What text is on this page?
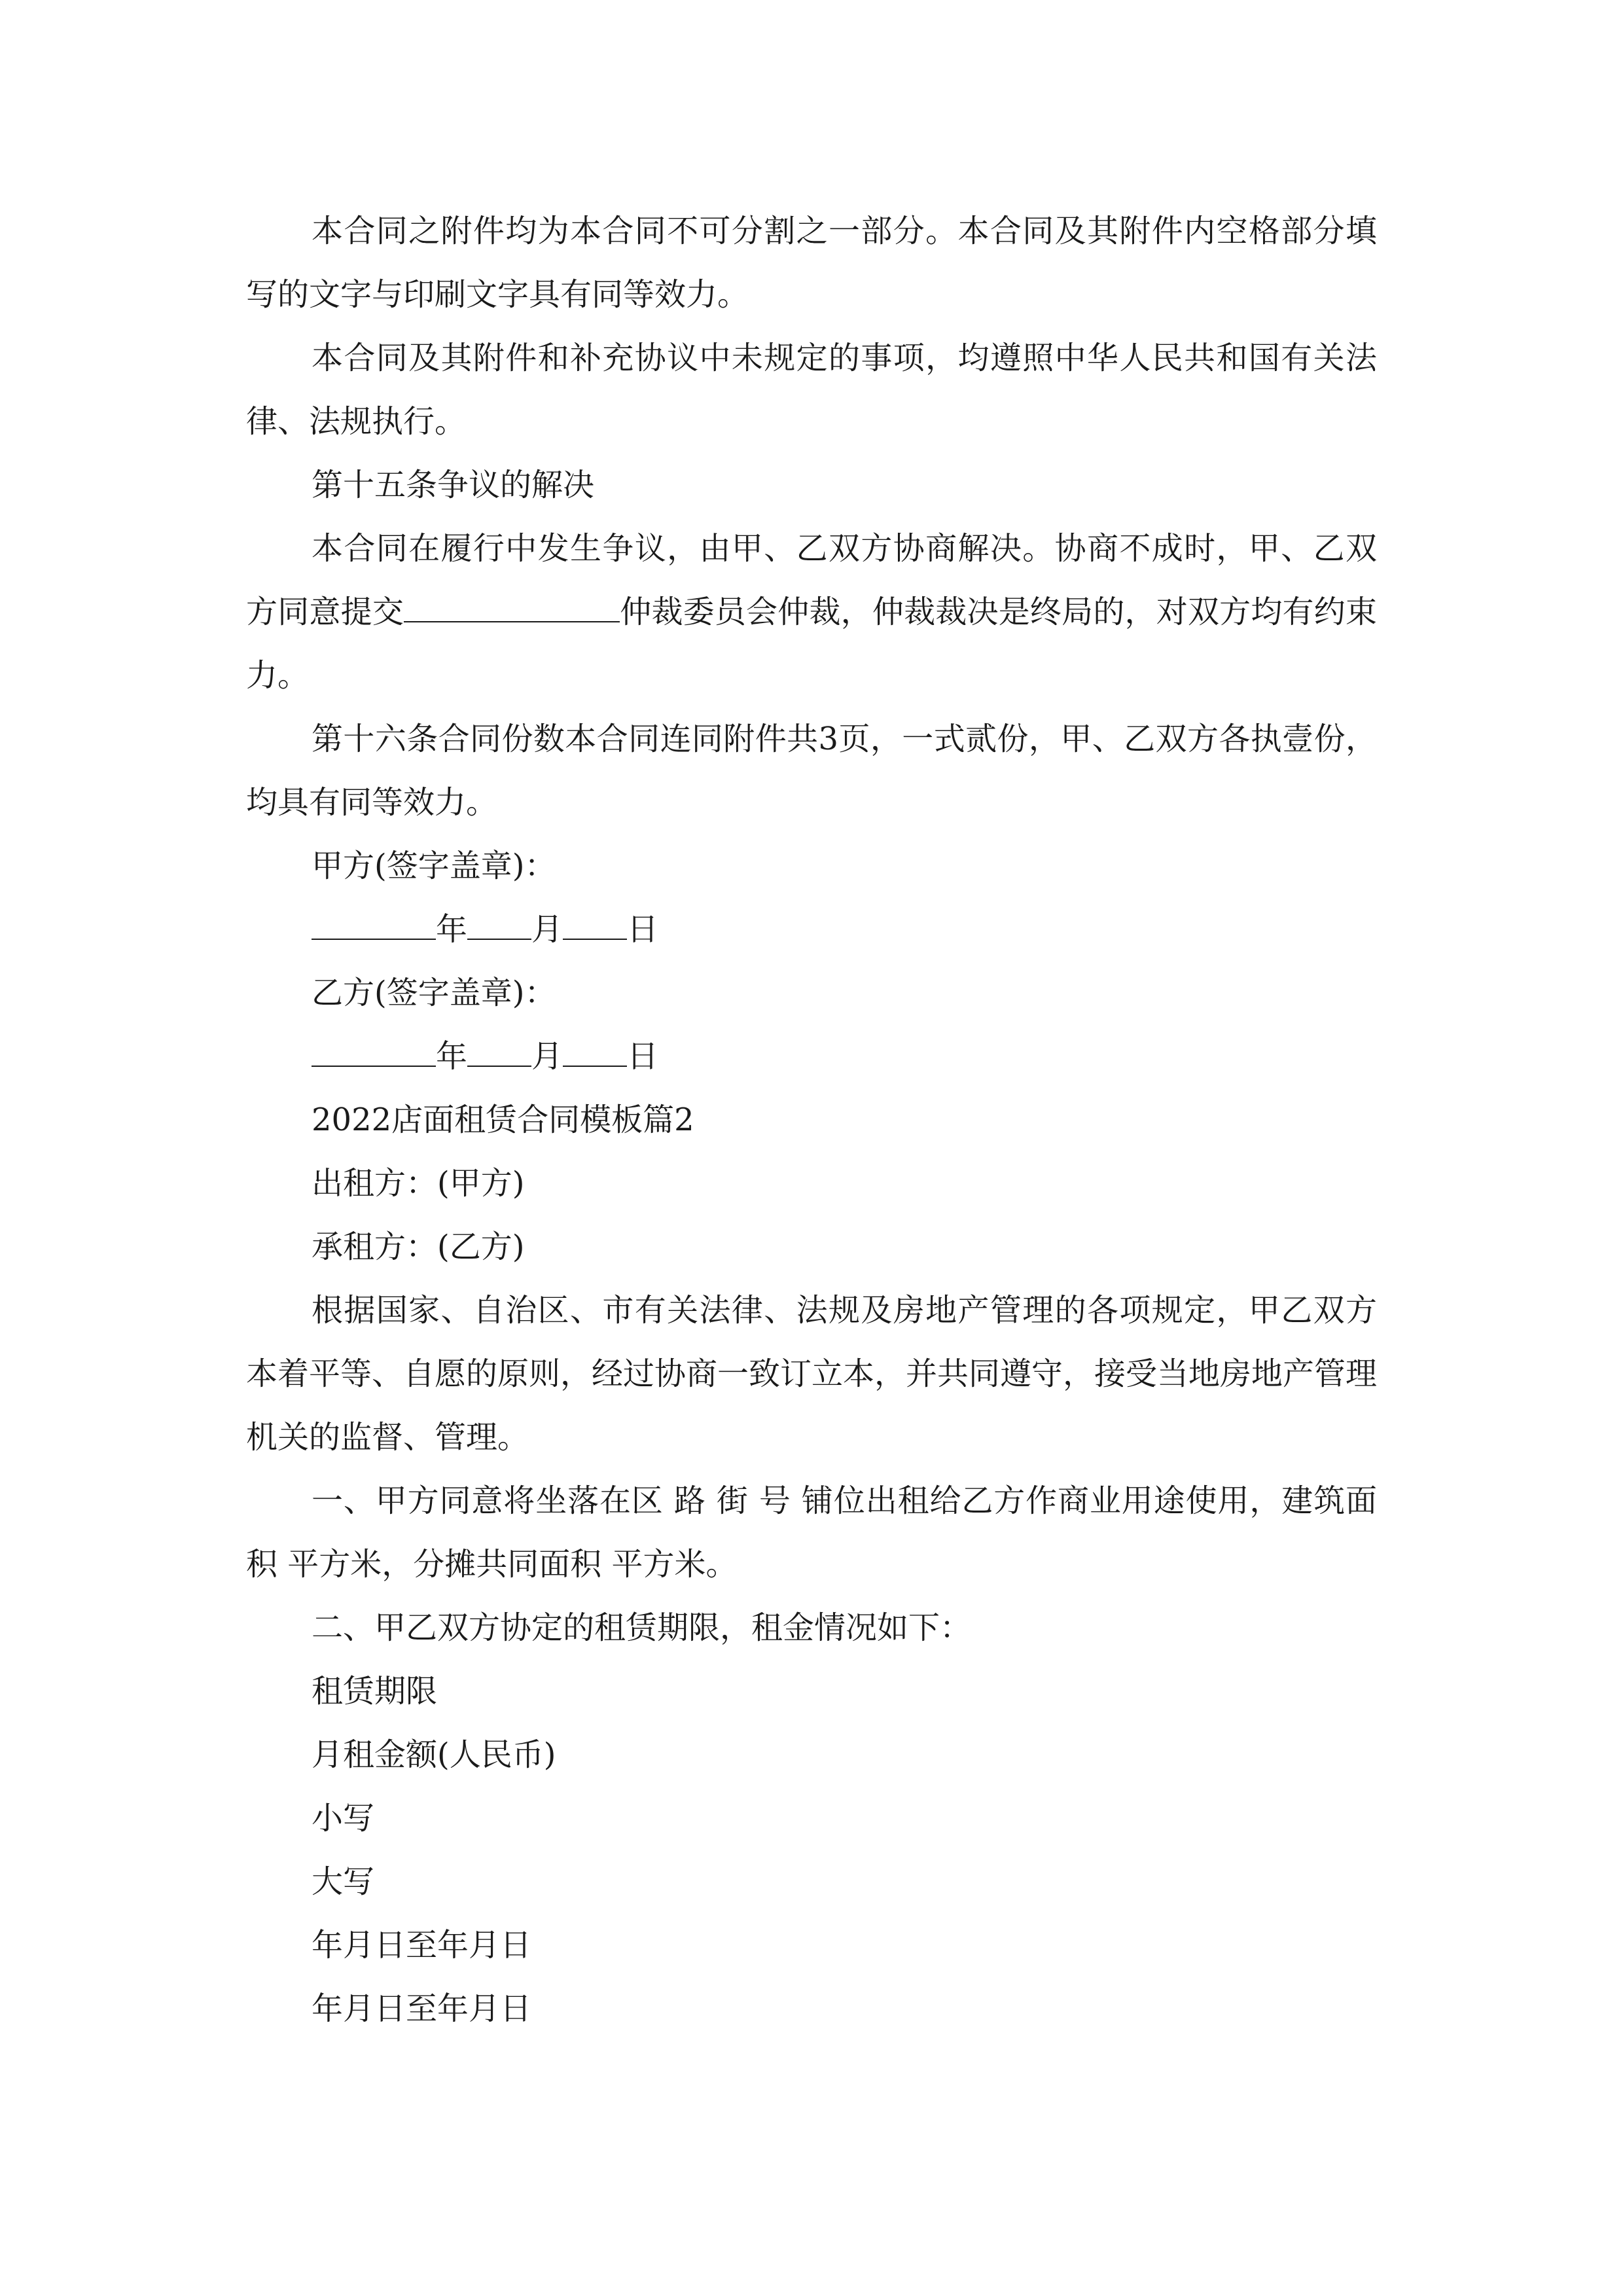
本合同之附件均为本合同不可分割之一部分。本合同及其附件内空格部分填写的文字与印刷文字具有同等效力。

本合同及其附件和补充协议中未规定的事项，均遵照中华人民共和国有关法律、法规执行。

第十五条争议的解决

本合同在履行中发生争议，由甲、乙双方协商解决。协商不成时，甲、乙双方同意提交	仲裁委员会仲裁，仲裁裁决是终局的，对双方均有约束力。

第十六条合同份数本合同连同附件共3页，一式贰份，甲、乙双方各执壹份，均具有同等效力。

甲方(签字盖章)：

年 月 日

乙方(签字盖章)：

年 月 日

2022店面租赁合同模板篇2

出租方：(甲方)

承租方：(乙方)

根据国家、自治区、市有关法律、法规及房地产管理的各项规定，甲乙双方本着平等、自愿的原则，经过协商一致订立本，并共同遵守，接受当地房地产管理机关的监督、管理。

一、甲方同意将坐落在区 路 街 号 铺位出租给乙方作商业用途使用，建筑面积 平方米，分摊共同面积 平方米。

二、甲乙双方协定的租赁期限，租金情况如下：

租赁期限

月租金额(人民币)

小写

大写

年月日至年月日

年月日至年月日
